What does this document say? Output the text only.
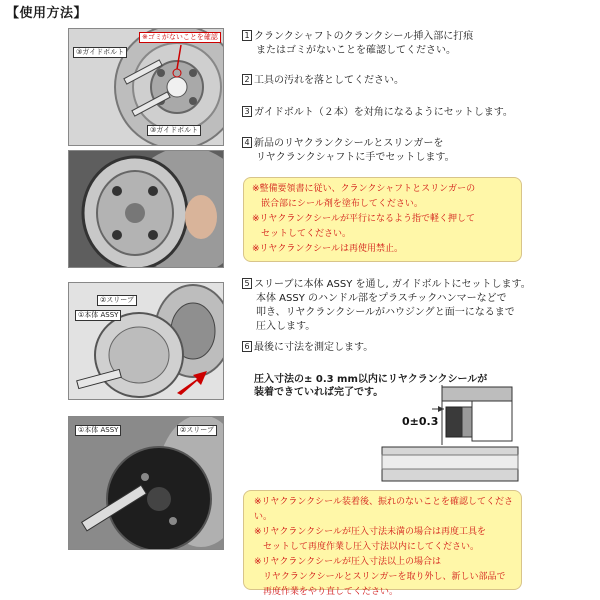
【使用方法】
※ゴミがないことを確認
③ガイドボルト
③ガイドボルト
②スリーブ
①本体 ASSY
①本体 ASSY	②スリーブ
1 クランクシャフトのクランクシール挿入部に打痕
またはゴミがないことを確認してください。
2 工具の汚れを落としてください。
3 ガイドボルト（２本）を対角になるようにセットします。
4 新品のリヤクランクシールとスリンガーを
リヤクランクシャフトに手でセットします。
※整備要領書に従い、クランクシャフトとスリンガーの
　嵌合部にシール剤を塗布してください。
※リヤクランクシールが平行になるよう指で軽く押して
　セットしてください。
※リヤクランクシールは再使用禁止。
5 スリーブに本体 ASSY を通し, ガイドボルトにセットします。
本体 ASSY のハンドル部をプラスチックハンマーなどで
叩き、リヤクランクシールがハウジングと面一になるまで
圧入します。
6 最後に寸法を測定します。
圧入寸法の± 0.3 mm以内にリヤクランクシールが
装着できていれば完了です。
0±0.3
※リヤクランクシール装着後、振れのないことを確認してください。
※リヤクランクシールが圧入寸法未満の場合は再度工具を
　セットして再度作業し圧入寸法以内にしてください。
※リヤクランクシールが圧入寸法以上の場合は
　リヤクランクシールとスリンガーを取り外し、新しい部品で
　再度作業をやり直してください。
